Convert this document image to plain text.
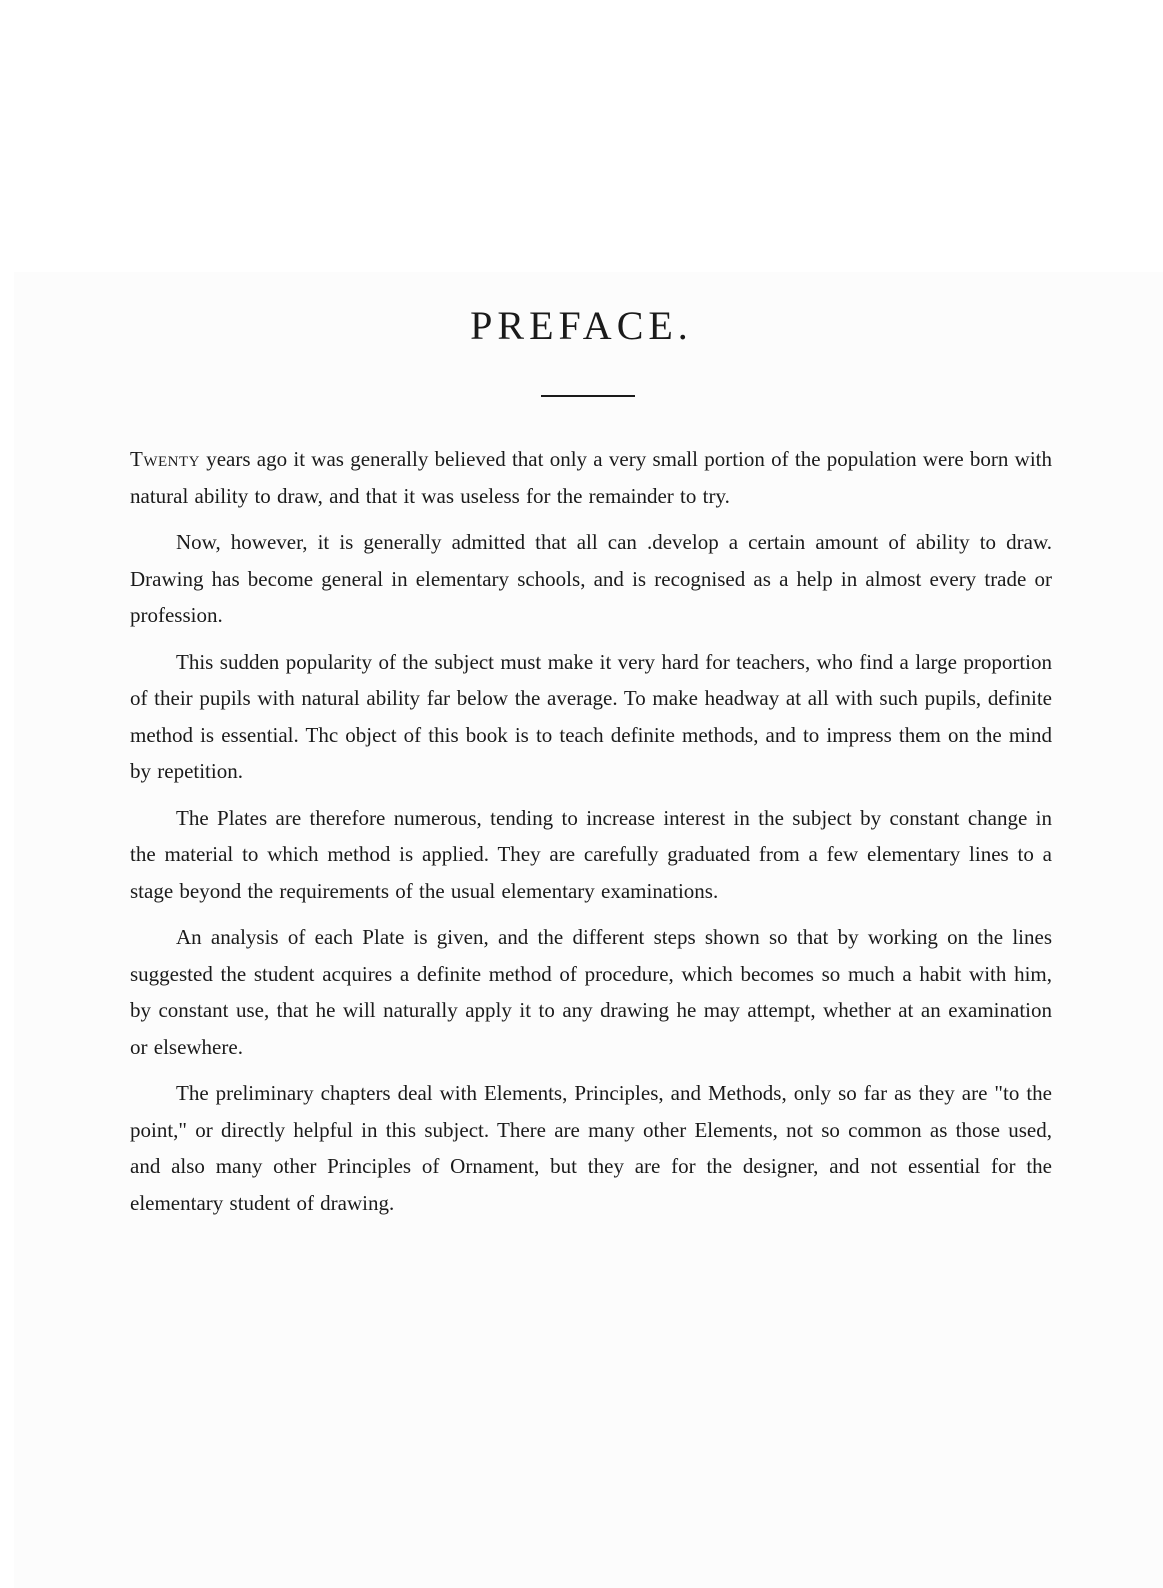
PREFACE.

Twenty years ago it was generally believed that only a very small portion of the population were born with natural ability to draw, and that it was useless for the remainder to try.

Now, however, it is generally admitted that all can .develop a certain amount of ability to draw. Drawing has become general in elementary schools, and is recognised as a help in almost every trade or profession.

This sudden popularity of the subject must make it very hard for teachers, who find a large proportion of their pupils with natural ability far below the average. To make headway at all with such pupils, definite method is essential. Thc object of this book is to teach definite methods, and to impress them on the mind by repetition.

The Plates are therefore numerous, tending to increase interest in the subject by constant change in the material to which method is applied. They are carefully graduated from a few elementary lines to a stage beyond the requirements of the usual elementary examinations.

An analysis of each Plate is given, and the different steps shown so that by working on the lines suggested the student acquires a definite method of procedure, which becomes so much a habit with him, by constant use, that he will naturally apply it to any drawing he may attempt, whether at an examination or elsewhere.

The preliminary chapters deal with Elements, Principles, and Methods, only so far as they are "to the point," or directly helpful in this subject. There are many other Elements, not so common as those used, and also many other Principles of Ornament, but they are for the designer, and not essential for the elementary student of drawing.
